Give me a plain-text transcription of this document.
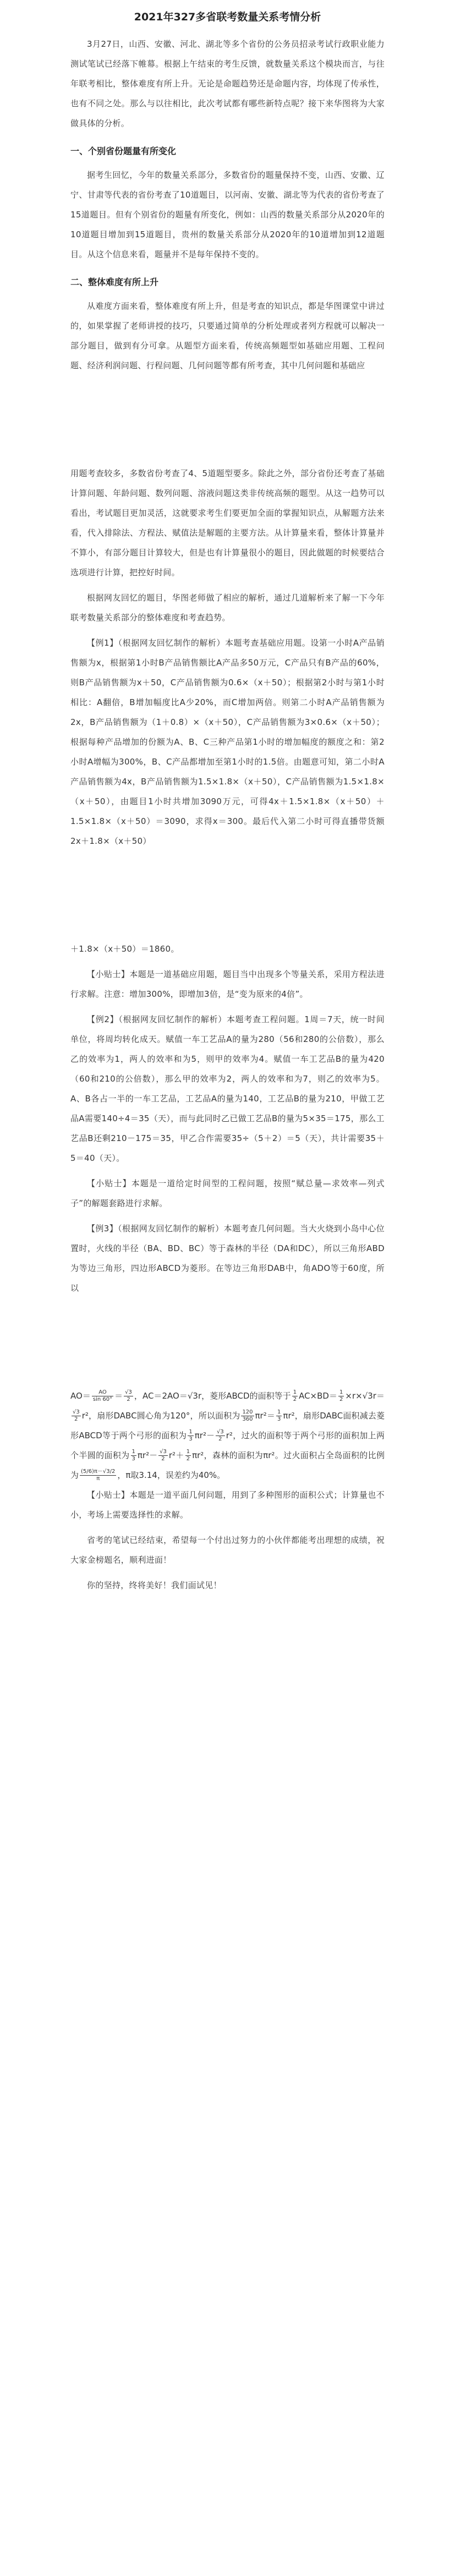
2021年327多省联考数量关系考情分析

3月27日，山西、安徽、河北、湖北等多个省份的公务员招录考试行政职业能力测试笔试已经落下帷幕。根据上午结束的考生反馈，就数量关系这个模块而言，与往年联考相比，整体难度有所上升。无论是命题趋势还是命题内容，均体现了传承性，也有不同之处。那么与以往相比，此次考试都有哪些新特点呢？接下来华图将为大家做具体的分析。

一、个别省份题量有所变化

据考生回忆，今年的数量关系部分，多数省份的题量保持不变，山西、安徽、辽宁、甘肃等代表的省份考查了10道题目，以河南、安徽、湖北等为代表的省份考查了15道题目。但有个别省份的题量有所变化，例如：山西的数量关系部分从2020年的10道题目增加到15道题目，贵州的数量关系部分从2020年的10道增加到12道题目。从这个信息来看，题量并不是每年保持不变的。

二、整体难度有所上升

从难度方面来看，整体难度有所上升，但是考查的知识点，都是华图课堂中讲过的，如果掌握了老师讲授的技巧，只要通过简单的分析处理或者列方程就可以解决一部分题目，做到有分可拿。从题型方面来看，传统高频题型如基础应用题、工程问题、经济利润问题、行程问题、几何问题等都有所考查，其中几何问题和基础应

用题考查较多，多数省份考查了4、5道题型要多。除此之外，部分省份还考查了基础计算问题、年龄问题、数列问题、溶液问题这类非传统高频的题型。从这一趋势可以看出，考试题目更加灵活，这就要求考生们要更加全面的掌握知识点，从解题方法来看，代入排除法、方程法、赋值法是解题的主要方法。从计算量来看，整体计算量并不算小，有部分题目计算较大，但是也有计算量很小的题目，因此做题的时候要结合选项进行计算，把控好时间。

根据网友回忆的题目，华图老师做了相应的解析，通过几道解析来了解一下今年联考数量关系部分的整体难度和考查趋势。

【例1】（根据网友回忆制作的解析）本题考查基础应用题。设第一小时A产品销售额为x，根据第1小时B产品销售额比A产品多50万元，C产品只有B产品的60%，则B产品销售额为x＋50，C产品销售额为0.6×（x＋50）；根据第2小时与第1小时相比：A翻倍，B增加幅度比A少20%，而C增加两倍。则第二小时A产品销售额为2x，B产品销售额为（1＋0.8）×（x＋50），C产品销售额为3×0.6×（x＋50）；根据每种产品增加的份额为A、B、C三种产品第1小时的增加幅度的额度之和：第2小时A增幅为300%，B、C产品都增加至第1小时的1.5倍。由题意可知，第二小时A产品销售额为4x，B产品销售额为1.5×1.8×（x＋50），C产品销售额为1.5×1.8×（x＋50），由题目1小时共增加3090万元，可得4x＋1.5×1.8×（x＋50）＋1.5×1.8×（x＋50）＝3090，求得x＝300。最后代入第二小时可得直播带货额 2x＋1.8×（x＋50）

＋1.8×（x＋50）＝1860。

【小贴士】本题是一道基础应用题，题目当中出现多个等量关系，采用方程法进行求解。注意：增加300%，即增加3倍，是“变为原来的4倍”。

【例2】（根据网友回忆制作的解析）本题考查工程问题。1周＝7天，统一时间单位，将周均转化成天。赋值一车工艺品A的量为280（56和280的公倍数），那么乙的效率为1，两人的效率和为5，则甲的效率为4。赋值一车工艺品B的量为420（60和210的公倍数），那么甲的效率为2，两人的效率和为7，则乙的效率为5。A、B各占一半的一车工艺品，工艺品A的量为140，工艺品B的量为210，甲做工艺品A需要140÷4＝35（天），而与此同时乙已做工艺品B的量为5×35＝175，那么工艺品B还剩210－175＝35，甲乙合作需要35÷（5＋2）＝5（天），共计需要35＋5＝40（天）。

【小贴士】本题是一道给定时间型的工程问题，按照“赋总量—求效率—列式子”的解题套路进行求解。

【例3】（根据网友回忆制作的解析）本题考查几何问题。当大火烧到小岛中心位置时，火线的半径（BA、BD、BC）等于森林的半径（DA和DC），所以三角形ABD为等边三角形，四边形ABCD为菱形。在等边三角形DAB中，角ADO等于60度，所以

$AO= \frac{AO}{\sin 60^\circ} = \frac{√3}{2}$ ，AC＝2AO＝√3r，菱形ABCD的面积等于 $\frac{1}{2} AC\times BD= \frac{1}{2} \times r\times√3r=$
$\frac{√3}{2} r^2$，扇形DABC圆心角为120°，所以面积为 $\frac{120}{360} \pi r^2= \frac{1}{3} \pi r^2$，扇形DABC面积减去菱形ABCD等于两个弓形的面积为 $\frac{1}{3} \pi r^2- \frac{√3}{2} r^2$，过火的面积等于两个弓形的面积加上两个半圆的面积为 $\frac{1}{3} \pi r^2- \frac{√3}{2} r^2+ \frac{1}{2} \pi r^2$，森林的面积为πr²。过火面积占全岛面积的比例为 $\frac{(5/6)\pi-√3/2}{\pi}$ ，π取3.14，误差约为40%。

【小贴士】本题是一道平面几何问题，用到了多种图形的面积公式；计算量也不小，考场上需要选择性的求解。

省考的笔试已经结束，希望每一个付出过努力的小伙伴都能考出理想的成绩，祝大家金榜题名，顺利进面！

你的坚持，终将美好！我们面试见！
